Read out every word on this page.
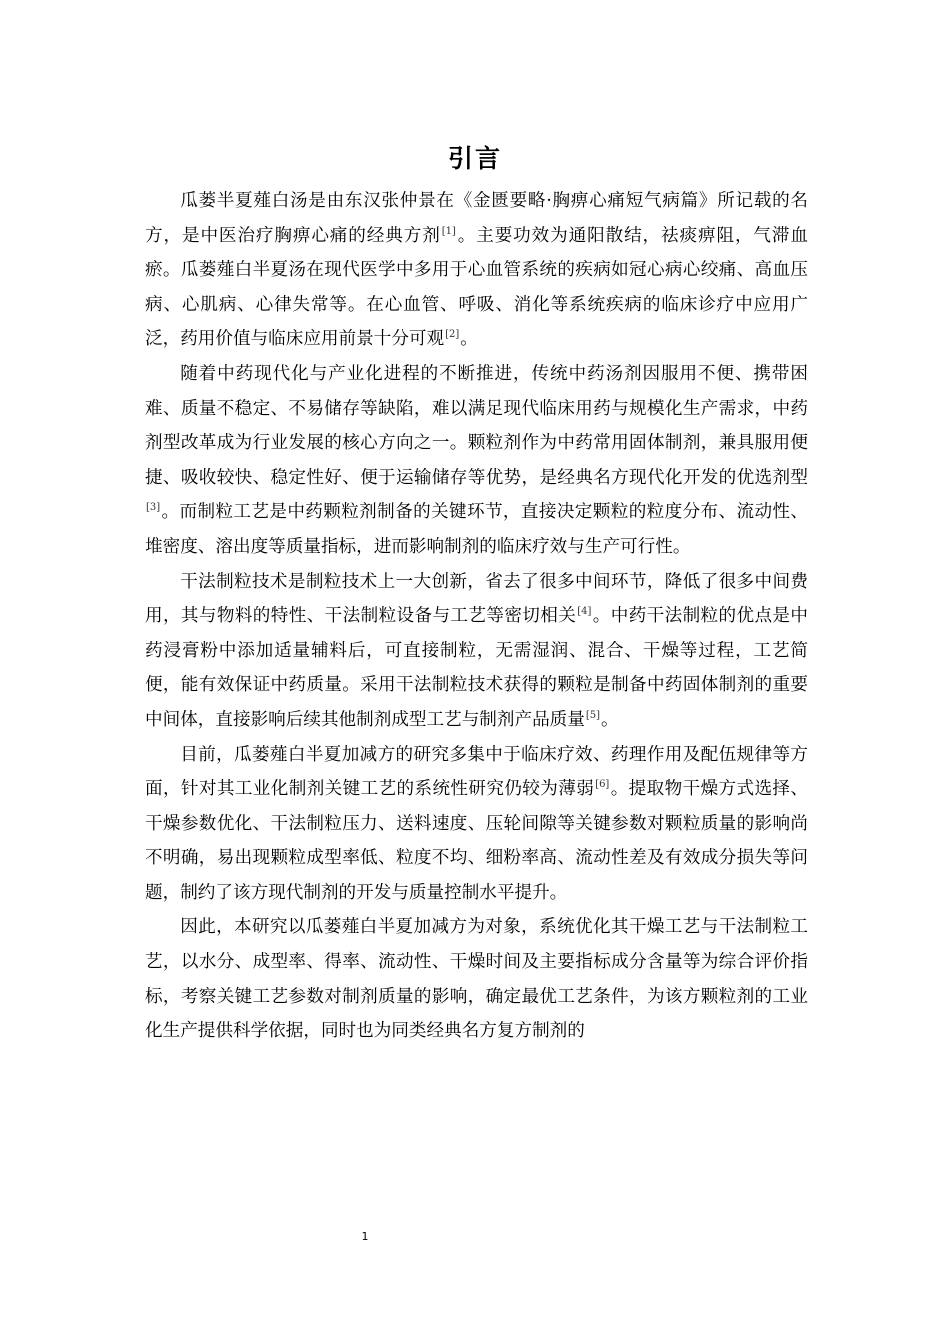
引言

瓜蒌半夏薤白汤是由东汉张仲景在《金匮要略·胸痹心痛短气病篇》所记载的名方，是中医治疗胸痹心痛的经典方剂[1]。主要功效为通阳散结，祛痰痹阻，气滞血瘀。瓜蒌薤白半夏汤在现代医学中多用于心血管系统的疾病如冠心病心绞痛、高血压病、心肌病、心律失常等。在心血管、呼吸、消化等系统疾病的临床诊疗中应用广泛，药用价值与临床应用前景十分可观[2]。

随着中药现代化与产业化进程的不断推进，传统中药汤剂因服用不便、携带困难、质量不稳定、不易储存等缺陷，难以满足现代临床用药与规模化生产需求，中药剂型改革成为行业发展的核心方向之一。颗粒剂作为中药常用固体制剂，兼具服用便捷、吸收较快、稳定性好、便于运输储存等优势，是经典名方现代化开发的优选剂型[3]。而制粒工艺是中药颗粒剂制备的关键环节，直接决定颗粒的粒度分布、流动性、堆密度、溶出度等质量指标，进而影响制剂的临床疗效与生产可行性。

干法制粒技术是制粒技术上一大创新，省去了很多中间环节，降低了很多中间费用，其与物料的特性、干法制粒设备与工艺等密切相关[4]。中药干法制粒的优点是中药浸膏粉中添加适量辅料后，可直接制粒，无需湿润、混合、干燥等过程，工艺简便，能有效保证中药质量。采用干法制粒技术获得的颗粒是制备中药固体制剂的重要中间体，直接影响后续其他制剂成型工艺与制剂产品质量[5]。

目前，瓜蒌薤白半夏加减方的研究多集中于临床疗效、药理作用及配伍规律等方面，针对其工业化制剂关键工艺的系统性研究仍较为薄弱[6]。提取物干燥方式选择、干燥参数优化、干法制粒压力、送料速度、压轮间隙等关键参数对颗粒质量的影响尚不明确，易出现颗粒成型率低、粒度不均、细粉率高、流动性差及有效成分损失等问题，制约了该方现代制剂的开发与质量控制水平提升。

因此，本研究以瓜蒌薤白半夏加减方为对象，系统优化其干燥工艺与干法制粒工艺，以水分、成型率、得率、流动性、干燥时间及主要指标成分含量等为综合评价指标，考察关键工艺参数对制剂质量的影响，确定最优工艺条件，为该方颗粒剂的工业化生产提供科学依据，同时也为同类经典名方复方制剂的

1
